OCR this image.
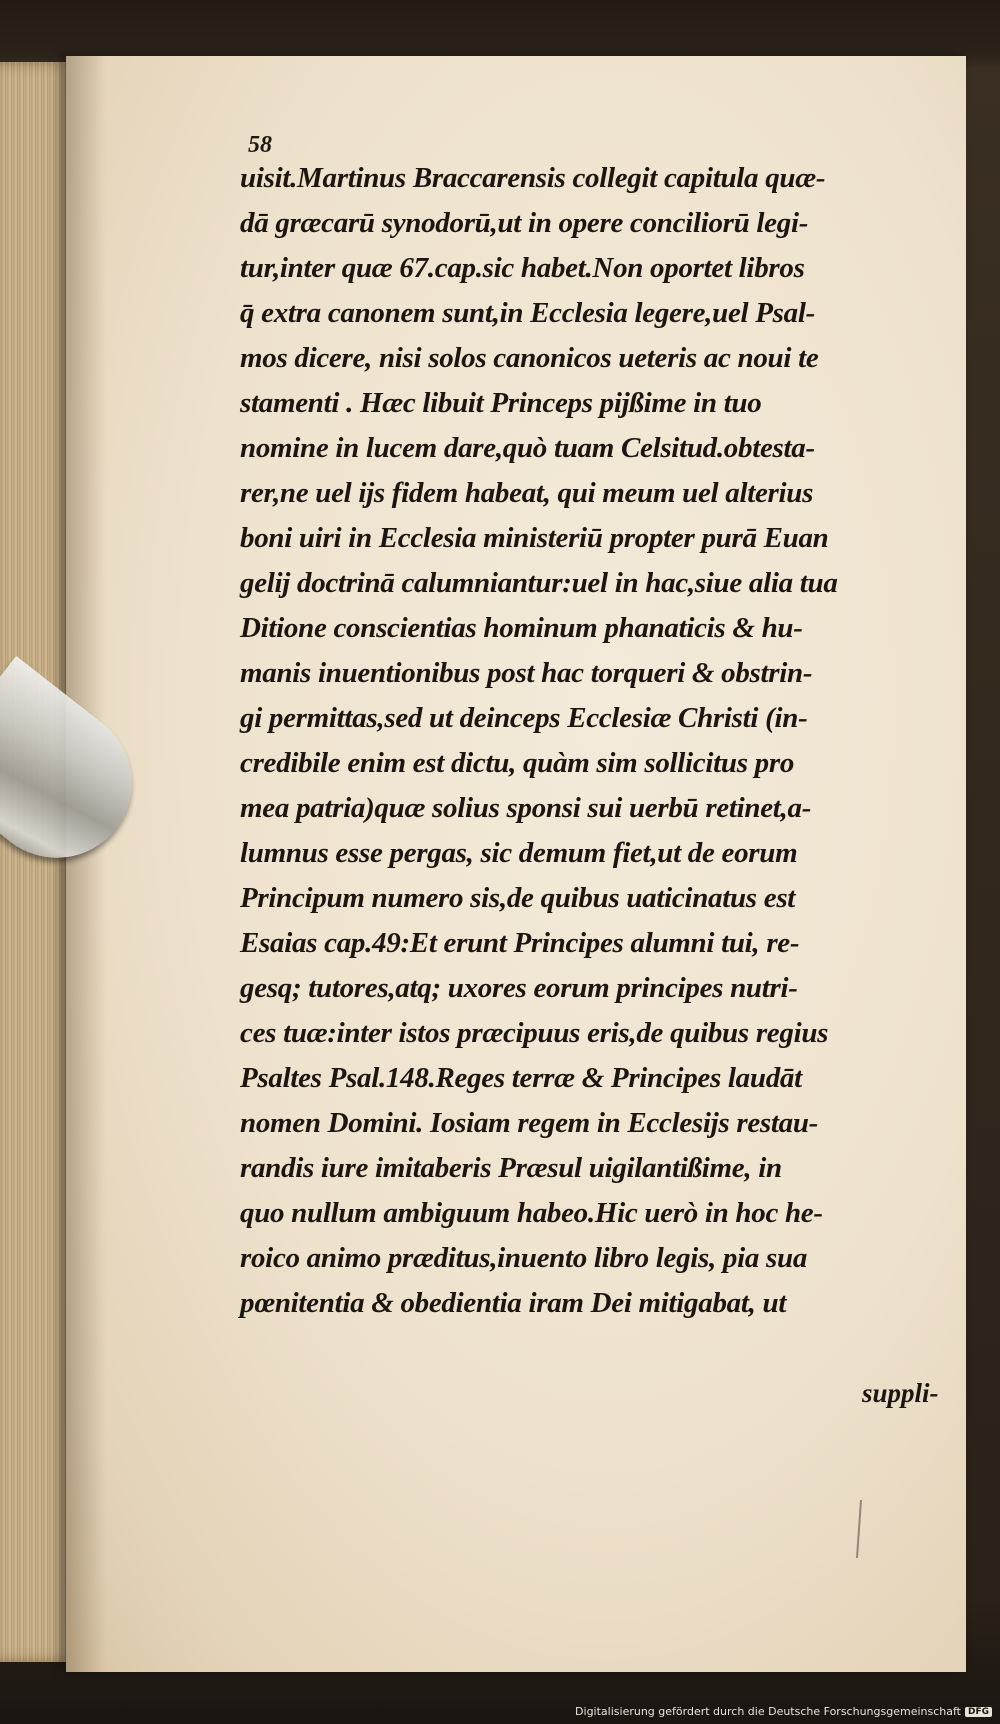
58
uisit.Martinus Braccarensis collegit capitula quæ-
dā græcarū synodorū,ut in opere conciliorū legi-
tur,inter quæ 67.cap.sic habet.Non oportet libros
q̄ extra canonem sunt,in Ecclesia legere,uel Psal-
mos dicere, nisi solos canonicos ueteris ac noui te
stamenti . Hæc libuit Princeps pijßime in tuo
nomine in lucem dare,quò tuam Celsitud.obtesta-
rer,ne uel ijs fidem habeat, qui meum uel alterius
boni uiri in Ecclesia ministeriū propter purā Euan
gelij doctrinā calumniantur:uel in hac,siue alia tua
Ditione conscientias hominum phanaticis & hu-
manis inuentionibus post hac torqueri & obstrin-
gi permittas,sed ut deinceps Ecclesiæ Christi (in-
credibile enim est dictu, quàm sim sollicitus pro
mea patria)quæ solius sponsi sui uerbū retinet,a-
lumnus esse pergas, sic demum fiet,ut de eorum
Principum numero sis,de quibus uaticinatus est
Esaias cap.49:Et erunt Principes alumni tui, re-
gesq; tutores,atq; uxores eorum principes nutri-
ces tuæ:inter istos præcipuus eris,de quibus regius
Psaltes Psal.148.Reges terræ & Principes laudāt
nomen Domini. Iosiam regem in Ecclesijs restau-
randis iure imitaberis Præsul uigilantißime, in
quo nullum ambiguum habeo.Hic uerò in hoc he-
roico animo præditus,inuento libro legis, pia sua
pœnitentia & obedientia iram Dei mitigabat, ut
suppli-
Digitalisierung gefördert durch die Deutsche Forschungsgemeinschaft DFG
